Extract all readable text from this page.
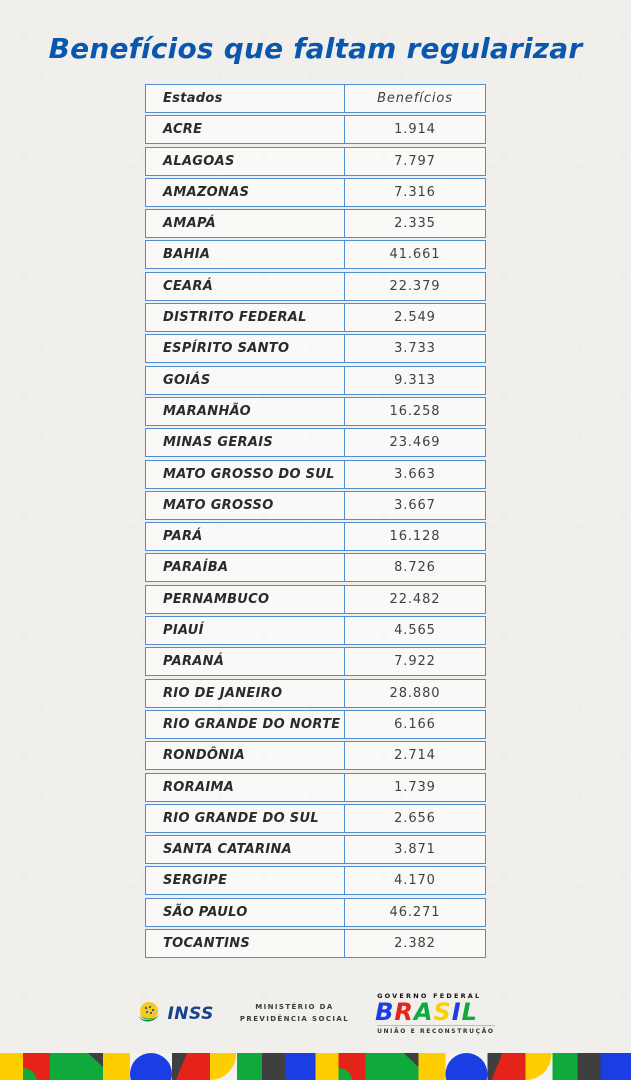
Benefícios que faltam regularizar
Estados	Benefícios
ACRE	1.914
ALAGOAS	7.797
AMAZONAS	7.316
AMAPÁ	2.335
BAHIA	41.661
CEARÁ	22.379
DISTRITO FEDERAL	2.549
ESPÍRITO SANTO	3.733
GOIÁS	9.313
MARANHÃO	16.258
MINAS GERAIS	23.469
MATO GROSSO DO SUL	3.663
MATO GROSSO	3.667
PARÁ	16.128
PARAÍBA	8.726
PERNAMBUCO	22.482
PIAUÍ	4.565
PARANÁ	7.922
RIO DE JANEIRO	28.880
RIO GRANDE DO NORTE	6.166
RONDÔNIA	2.714
RORAIMA	1.739
RIO GRANDE DO SUL	2.656
SANTA CATARINA	3.871
SERGIPE	4.170
SÃO PAULO	46.271
TOCANTINS	2.382
INSS	MINISTÉRIO DA
PREVIDÊNCIA SOCIAL
GOVERNO FEDERAL
BRASIL
UNIÃO E RECONSTRUÇÃO
